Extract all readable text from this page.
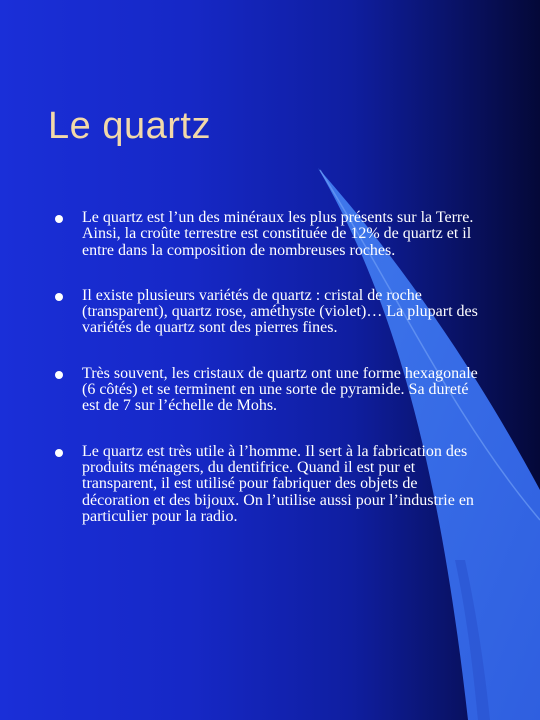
Le quartz
Le quartz est l’un des minéraux les plus présents sur la Terre. Ainsi, la croûte terrestre est constituée de 12% de quartz et il entre dans la composition de nombreuses roches.
Il existe plusieurs variétés de quartz : cristal de roche (transparent), quartz rose, améthyste (violet)… La plupart des variétés de quartz sont des pierres fines.
Très souvent, les cristaux de quartz ont une forme hexagonale (6 côtés) et se terminent en une sorte de pyramide. Sa dureté est de 7 sur l’échelle de Mohs.
Le quartz est très utile à l’homme. Il sert à la fabrication des produits ménagers, du dentifrice. Quand il est pur et transparent, il est utilisé pour fabriquer des objets de décoration et des bijoux. On l’utilise aussi pour l’industrie en particulier pour la radio.
